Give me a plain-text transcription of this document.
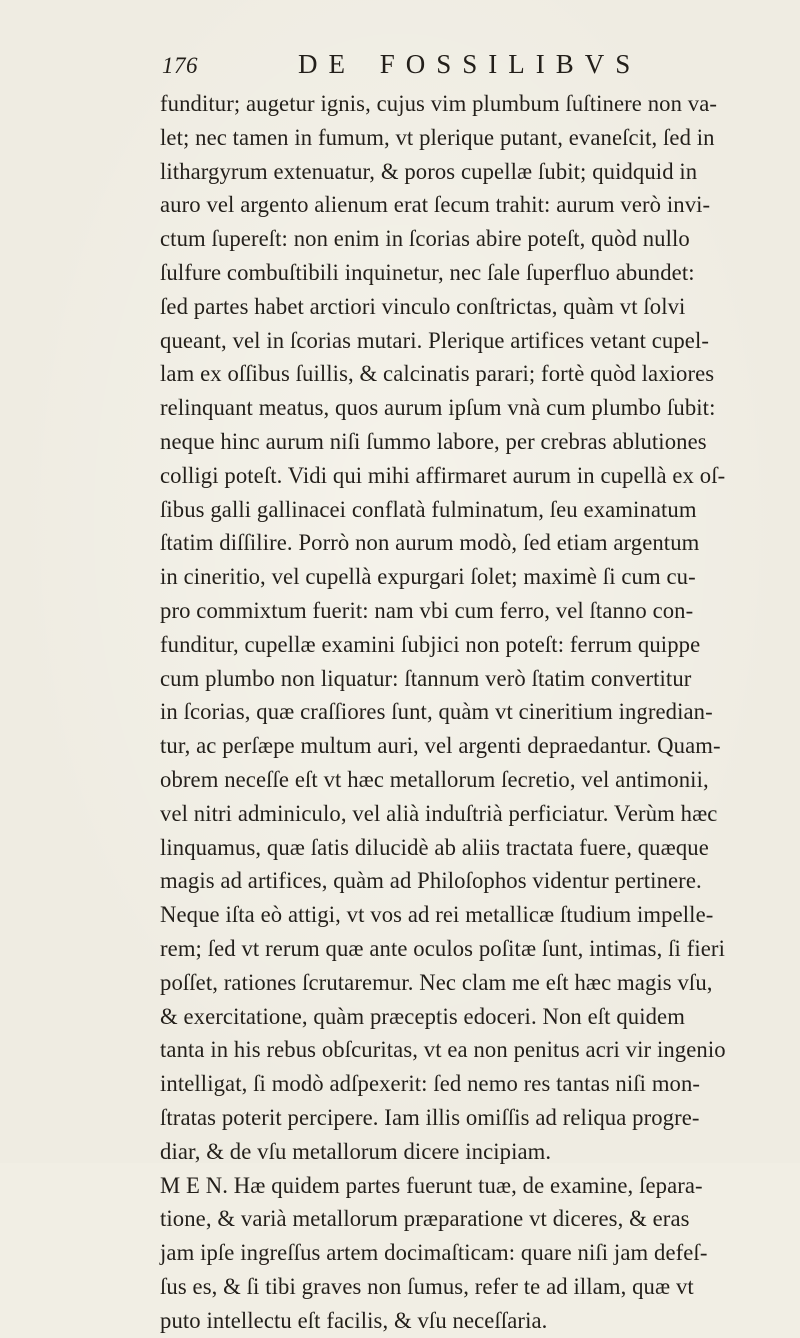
176	DE FOSSILIBVS
funditur; augetur ignis, cujus vim plumbum ſuſtinere non va-
let; nec tamen in fumum, vt plerique putant, evaneſcit, ſed in
lithargyrum extenuatur, & poros cupellæ ſubit; quidquid in
auro vel argento alienum erat ſecum trahit: aurum verò invi-
ctum ſupereſt: non enim in ſcorias abire poteſt, quòd nullo
ſulfure combuſtibili inquinetur, nec ſale ſuperfluo abundet:
ſed partes habet arctiori vinculo conſtrictas, quàm vt ſolvi
queant, vel in ſcorias mutari. Plerique artifices vetant cupel-
lam ex oſſibus ſuillis, & calcinatis parari; fortè quòd laxiores
relinquant meatus, quos aurum ipſum vnà cum plumbo ſubit:
neque hinc aurum niſi ſummo labore, per crebras ablutiones
colligi poteſt. Vidi qui mihi affirmaret aurum in cupellà ex oſ-
ſibus galli gallinacei conflatà fulminatum, ſeu examinatum
ſtatim diſſilire. Porrò non aurum modò, ſed etiam argentum
in cineritio, vel cupellà expurgari ſolet; maximè ſi cum cu-
pro commixtum fuerit: nam vbi cum ferro, vel ſtanno con-
funditur, cupellæ examini ſubjici non poteſt: ferrum quippe
cum plumbo non liquatur: ſtannum verò ſtatim convertitur
in ſcorias, quæ craſſiores ſunt, quàm vt cineritium ingredian-
tur, ac perſæpe multum auri, vel argenti depraedantur. Quam-
obrem neceſſe eſt vt hæc metallorum ſecretio, vel antimonii,
vel nitri adminiculo, vel alià induſtrià perficiatur. Verùm hæc
linquamus, quæ ſatis dilucidè ab aliis tractata fuere, quæque
magis ad artifices, quàm ad Philoſophos videntur pertinere.
Neque iſta eò attigi, vt vos ad rei metallicæ ſtudium impelle-
rem; ſed vt rerum quæ ante oculos poſitæ ſunt, intimas, ſi fieri
poſſet, rationes ſcrutaremur. Nec clam me eſt hæc magis vſu,
& exercitatione, quàm præceptis edoceri. Non eſt quidem
tanta in his rebus obſcuritas, vt ea non penitus acri vir ingenio
intelligat, ſi modò adſpexerit: ſed nemo res tantas niſi mon-
ſtratas poterit percipere. Iam illis omiſſis ad reliqua progre-
diar, & de vſu metallorum dicere incipiam.
M E N. Hæ quidem partes fuerunt tuæ, de examine, ſepara-
tione, & varià metallorum præparatione vt diceres, & eras
jam ipſe ingreſſus artem docimaſticam: quare niſi jam defeſ-
ſus es, & ſi tibi graves non ſumus, refer te ad illam, quæ vt
puto intellectu eſt facilis, & vſu neceſſaria.
